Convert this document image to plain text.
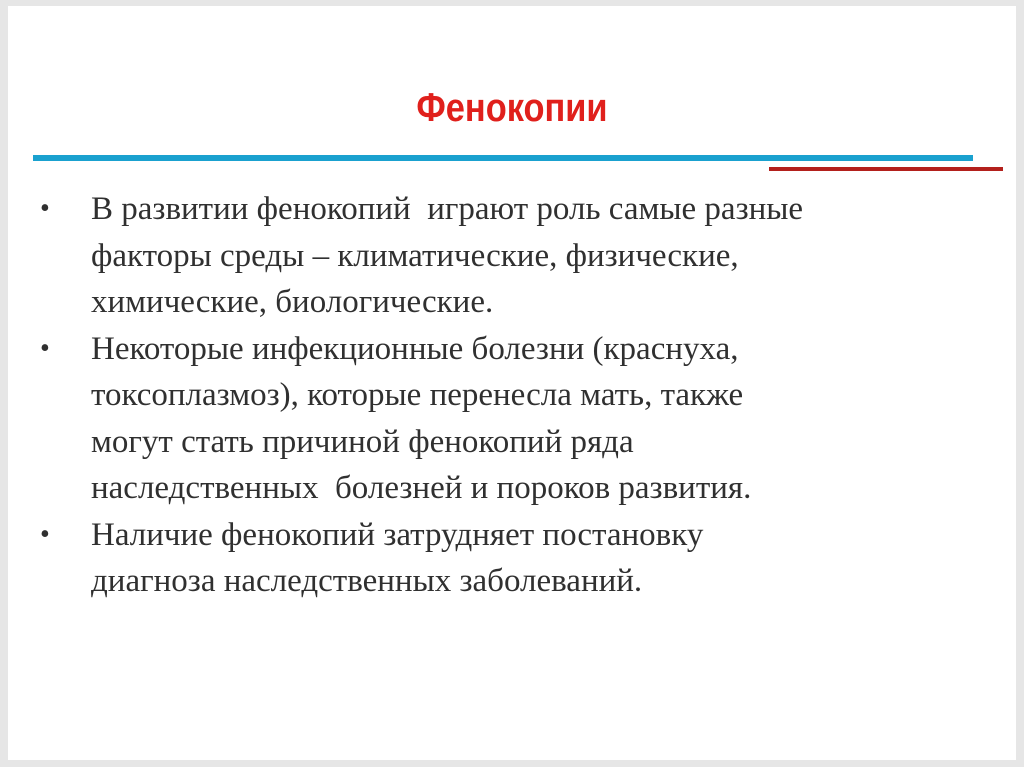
Фенокопии
• В развитии фенокопий  играют роль самые разные
факторы среды – климатические, физические,
химические, биологические.
• Некоторые инфекционные болезни (краснуха,
токсоплазмоз), которые перенесла мать, также
могут стать причиной фенокопий ряда
наследственных  болезней и пороков развития.
• Наличие фенокопий затрудняет постановку
диагноза наследственных заболеваний.
